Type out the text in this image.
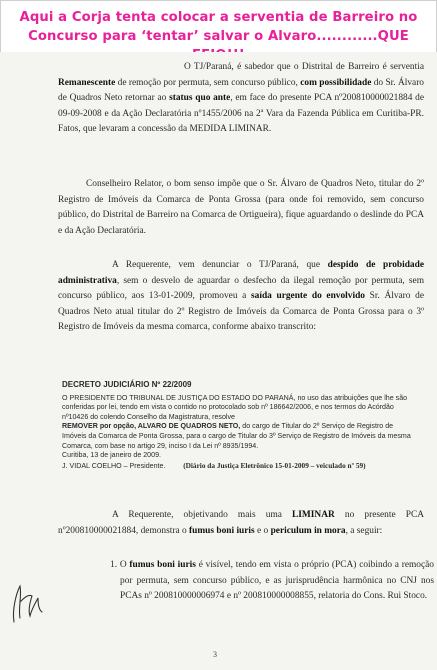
Aqui a Corja tenta colocar a serventia de Barreiro no
Concurso para ‘tentar’ salvar o Alvaro............QUE

O TJ/Paraná, é sabedor que o Distrital de Barreiro é serventia Remanescente de remoção por permuta, sem concurso público, com possibilidade do Sr. Álvaro de Quadros Neto retornar ao status quo ante, em face do presente PCA nº200810000021884 de 09-09-2008 e da Ação Declaratória nº1455/2006 na 2ª Vara da Fazenda Pública em Curitiba-PR. Fatos, que levaram a concessão da MEDIDA LIMINAR.

Conselheiro Relator, o bom senso impõe que o Sr. Álvaro de Quadros Neto, titular do 2º Registro de Imóveis da Comarca de Ponta Grossa (para onde foi removido, sem concurso público, do Distrital de Barreiro na Comarca de Ortigueira), fique aguardando o deslinde do PCA e da Ação Declaratória.

A Requerente, vem denunciar o TJ/Paraná, que despido de probidade administrativa, sem o desvelo de aguardar o desfecho da ilegal remoção por permuta, sem concurso público, aos 13-01-2009, promoveu a saída urgente do envolvido Sr. Álvaro de Quadros Neto atual titular do 2º Registro de Imóveis da Comarca de Ponta Grossa para o 3º Registro de Imóveis da mesma comarca, conforme abaixo transcrito:

DECRETO JUDICIÁRIO Nº 22/2009
O PRESIDENTE DO TRIBUNAL DE JUSTIÇA DO ESTADO DO PARANÁ, no uso das atribuições que lhe são conferidas por lei, tendo em vista o contido no protocolado sob nº 186642/2006, e nos termos do Acórdão nº10426 do colendo Conselho da Magistratura, resolve
REMOVER por opção, ALVARO DE QUADROS NETO, do cargo de Titular do 2º Serviço de Registro de Imóveis da Comarca de Ponta Grossa, para o cargo de Titular do 3º Serviço de Registro de Imóveis da mesma Comarca, com base no artigo 29, inciso I da Lei nº 8935/1994.
Curitiba, 13 de janeiro de 2009.
J. VIDAL COELHO – Presidente. (Diário da Justiça Eletrônico 15-01-2009 – veiculado nº 59)

A Requerente, objetivando mais uma LIMINAR no presente PCA nº200810000021884, demonstra o fumus boni iuris e o periculum in mora, a seguir:

1. O fumus boni iuris é visível, tendo em vista o próprio (PCA) coibindo a remoção por permuta, sem concurso público, e as jurisprudência harmônica no CNJ nos PCAs nº 200810000006974 e nº 200810000008855, relatoria do Cons. Rui Stoco.

3
